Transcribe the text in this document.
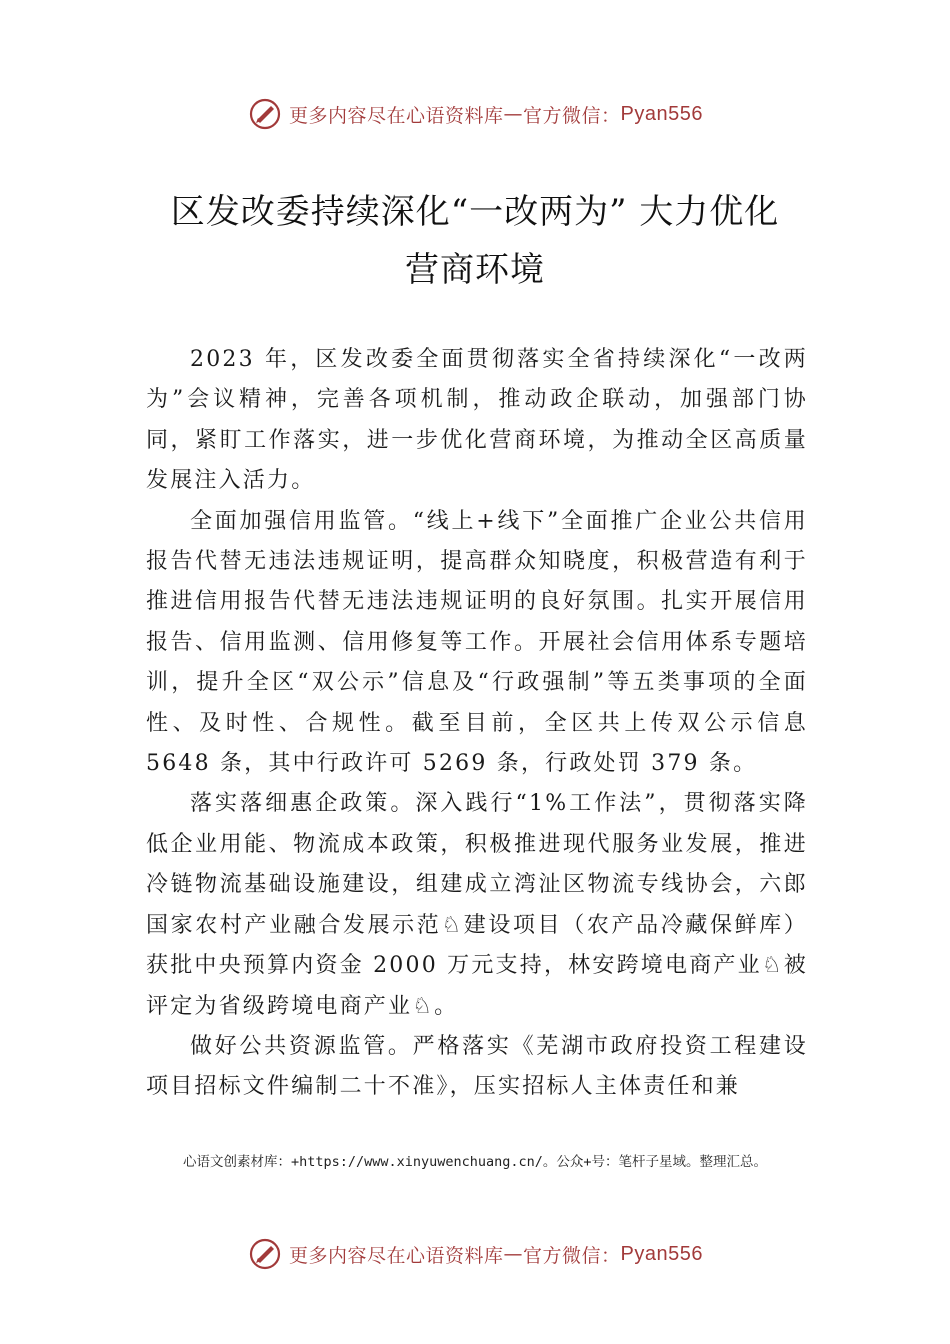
更多内容尽在心语资料库 — 官方微信： Pyan556
区发改委持续深化“一改两为” 大力优化
营商环境

2023 年，区发改委全面贯彻落实全省持续深化“一改两为”会议精神，完善各项机制，推动政企联动，加强部门协同，紧盯工作落实，进一步优化营商环境，为推动全区高质量发展注入活力。

全面加强信用监管。“线上+线下”全面推广企业公共信用报告代替无违法违规证明，提高群众知晓度，积极营造有利于推进信用报告代替无违法违规证明的良好氛围。扎实开展信用报告、信用监测、信用修复等工作。开展社会信用体系专题培训，提升全区“双公示”信息及“行政强制”等五类事项的全面性、及时性、合规性。截至目前，全区共上传双公示信息 5648 条，其中行政许可 5269 条，行政处罚 379 条。

落实落细惠企政策。深入践行“1%工作法”，贯彻落实降低企业用能、物流成本政策，积极推进现代服务业发展，推进冷链物流基础设施建设，组建成立湾沚区物流专线协会，六郎国家农村产业融合发展示范♘建设项目（农产品冷藏保鲜库）获批中央预算内资金 2000 万元支持，林安跨境电商产业♘被评定为省级跨境电商产业♘。

做好公共资源监管。严格落实《芜湖市政府投资工程建设项目招标文件编制二十不准》，压实招标人主体责任和兼

心语文创素材库：+https://www.xinyuwenchuang.cn/。公众+号：笔杆子星域。整理汇总。
更多内容尽在心语资料库 — 官方微信： Pyan556
